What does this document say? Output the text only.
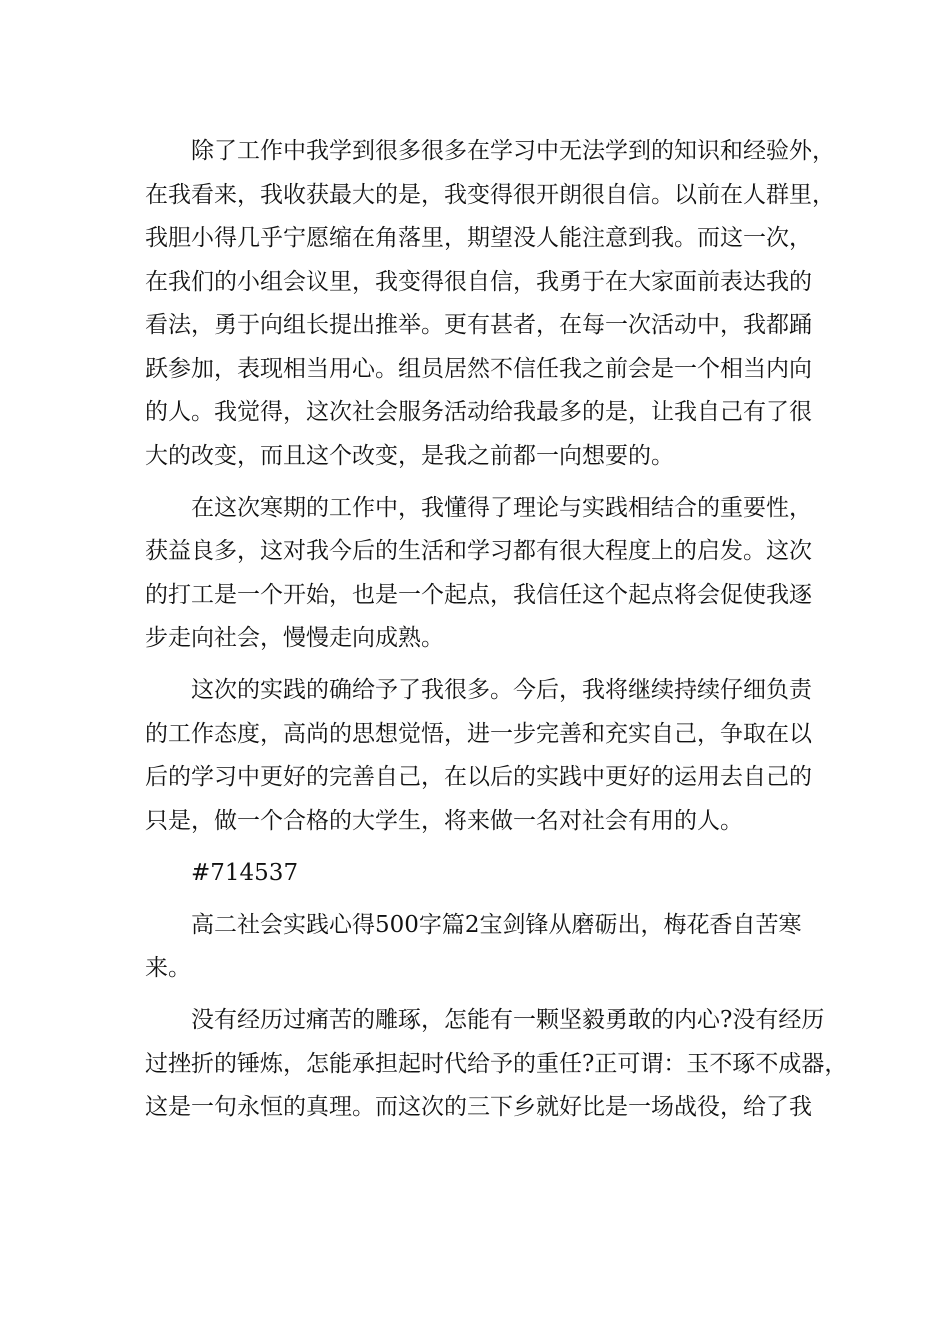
除了工作中我学到很多很多在学习中无法学到的知识和经验外，
在我看来，我收获最大的是，我变得很开朗很自信。以前在人群里，
我胆小得几乎宁愿缩在角落里，期望没人能注意到我。而这一次，
在我们的小组会议里，我变得很自信，我勇于在大家面前表达我的
看法，勇于向组长提出推举。更有甚者，在每一次活动中，我都踊
跃参加，表现相当用心。组员居然不信任我之前会是一个相当内向
的人。我觉得，这次社会服务活动给我最多的是，让我自己有了很
大的改变，而且这个改变，是我之前都一向想要的。
在这次寒期的工作中，我懂得了理论与实践相结合的重要性，
获益良多，这对我今后的生活和学习都有很大程度上的启发。这次
的打工是一个开始，也是一个起点，我信任这个起点将会促使我逐
步走向社会，慢慢走向成熟。
这次的实践的确给予了我很多。今后，我将继续持续仔细负责
的工作态度，高尚的思想觉悟，进一步完善和充实自己，争取在以
后的学习中更好的完善自己，在以后的实践中更好的运用去自己的
只是，做一个合格的大学生，将来做一名对社会有用的人。
#714537
高二社会实践心得500字篇2宝剑锋从磨砺出，梅花香自苦寒
来。
没有经历过痛苦的雕琢，怎能有一颗坚毅勇敢的内心?没有经历
过挫折的锤炼，怎能承担起时代给予的重任?正可谓：玉不琢不成器，
这是一句永恒的真理。而这次的三下乡就好比是一场战役，给了我
